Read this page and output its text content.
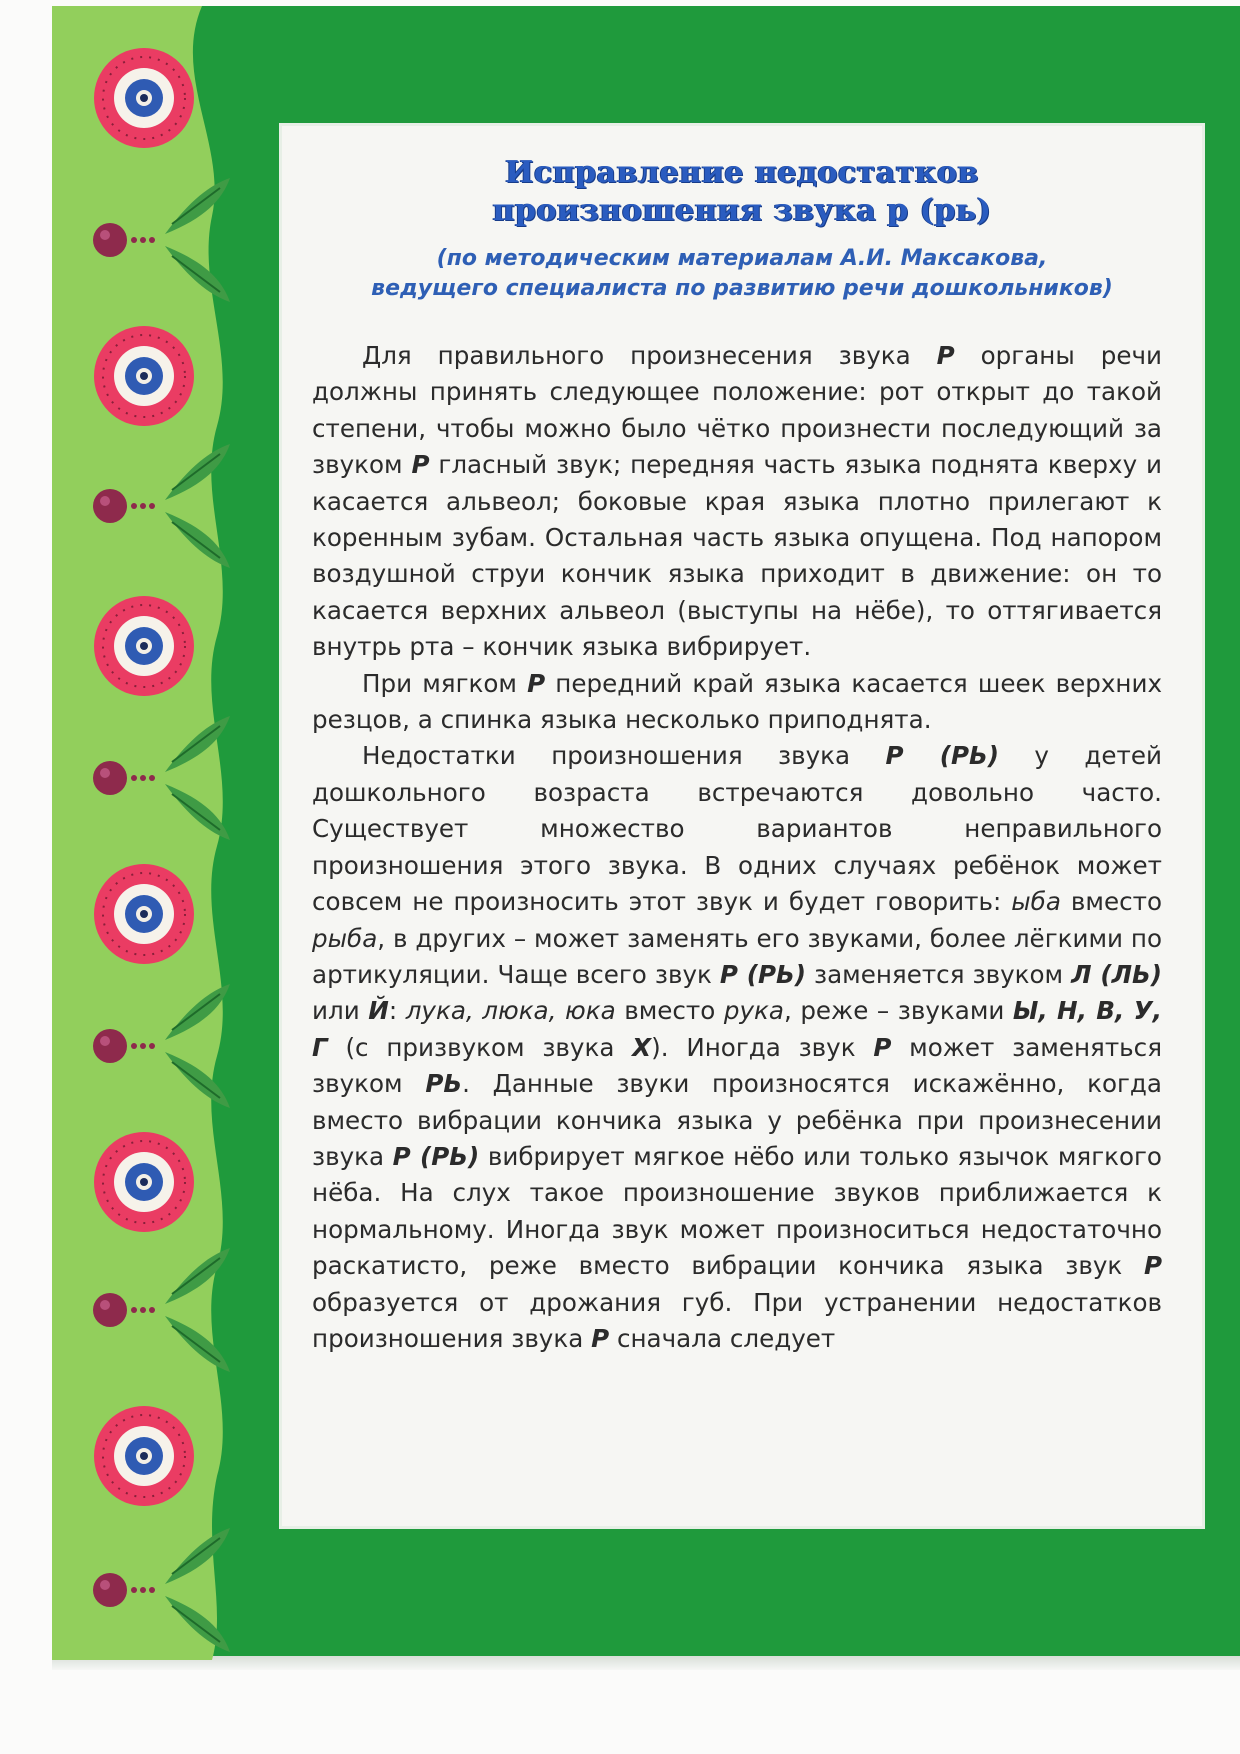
Исправление недостатков
произношения звука р (рь)
(по методическим материалам А.И. Максакова,
ведущего специалиста по развитию речи дошкольников)

Для правильного произнесения звука Р органы речи должны принять следующее положение: рот открыт до такой степени, чтобы можно было чётко произнести последующий за звуком Р гласный звук; передняя часть языка поднята кверху и касается альвеол; боковые края языка плотно прилегают к коренным зубам. Остальная часть языка опущена. Под напором воздушной струи кончик языка приходит в движение: он то касается верхних альвеол (выступы на нёбе), то оттягивается внутрь рта – кончик языка вибрирует.

При мягком Р передний край языка касается шеек верхних резцов, а спинка языка несколько приподнята.

Недостатки произношения звука Р (РЬ) у детей дошкольного возраста встречаются довольно часто. Существует множество вариантов неправильного произношения этого звука. В одних случаях ребёнок может совсем не произносить этот звук и будет говорить: ыба вместо рыба, в других – может заменять его звуками, более лёгкими по артикуляции. Чаще всего звук Р (РЬ) заменяется звуком Л (ЛЬ) или Й: лука, люка, юка вместо рука, реже – звуками Ы, Н, В, У, Г (с призвуком звука Х). Иногда звук Р может заменяться звуком РЬ. Данные звуки произносятся искажённо, когда вместо вибрации кончика языка у ребёнка при произнесении звука Р (РЬ) вибрирует мягкое нёбо или только язычок мягкого нёба. На слух такое произношение звуков приближается к нормальному. Иногда звук может произноситься недостаточно раскатисто, реже вместо вибрации кончика языка звук Р образуется от дрожания губ. При устранении недостатков произношения звука Р сначала следует
